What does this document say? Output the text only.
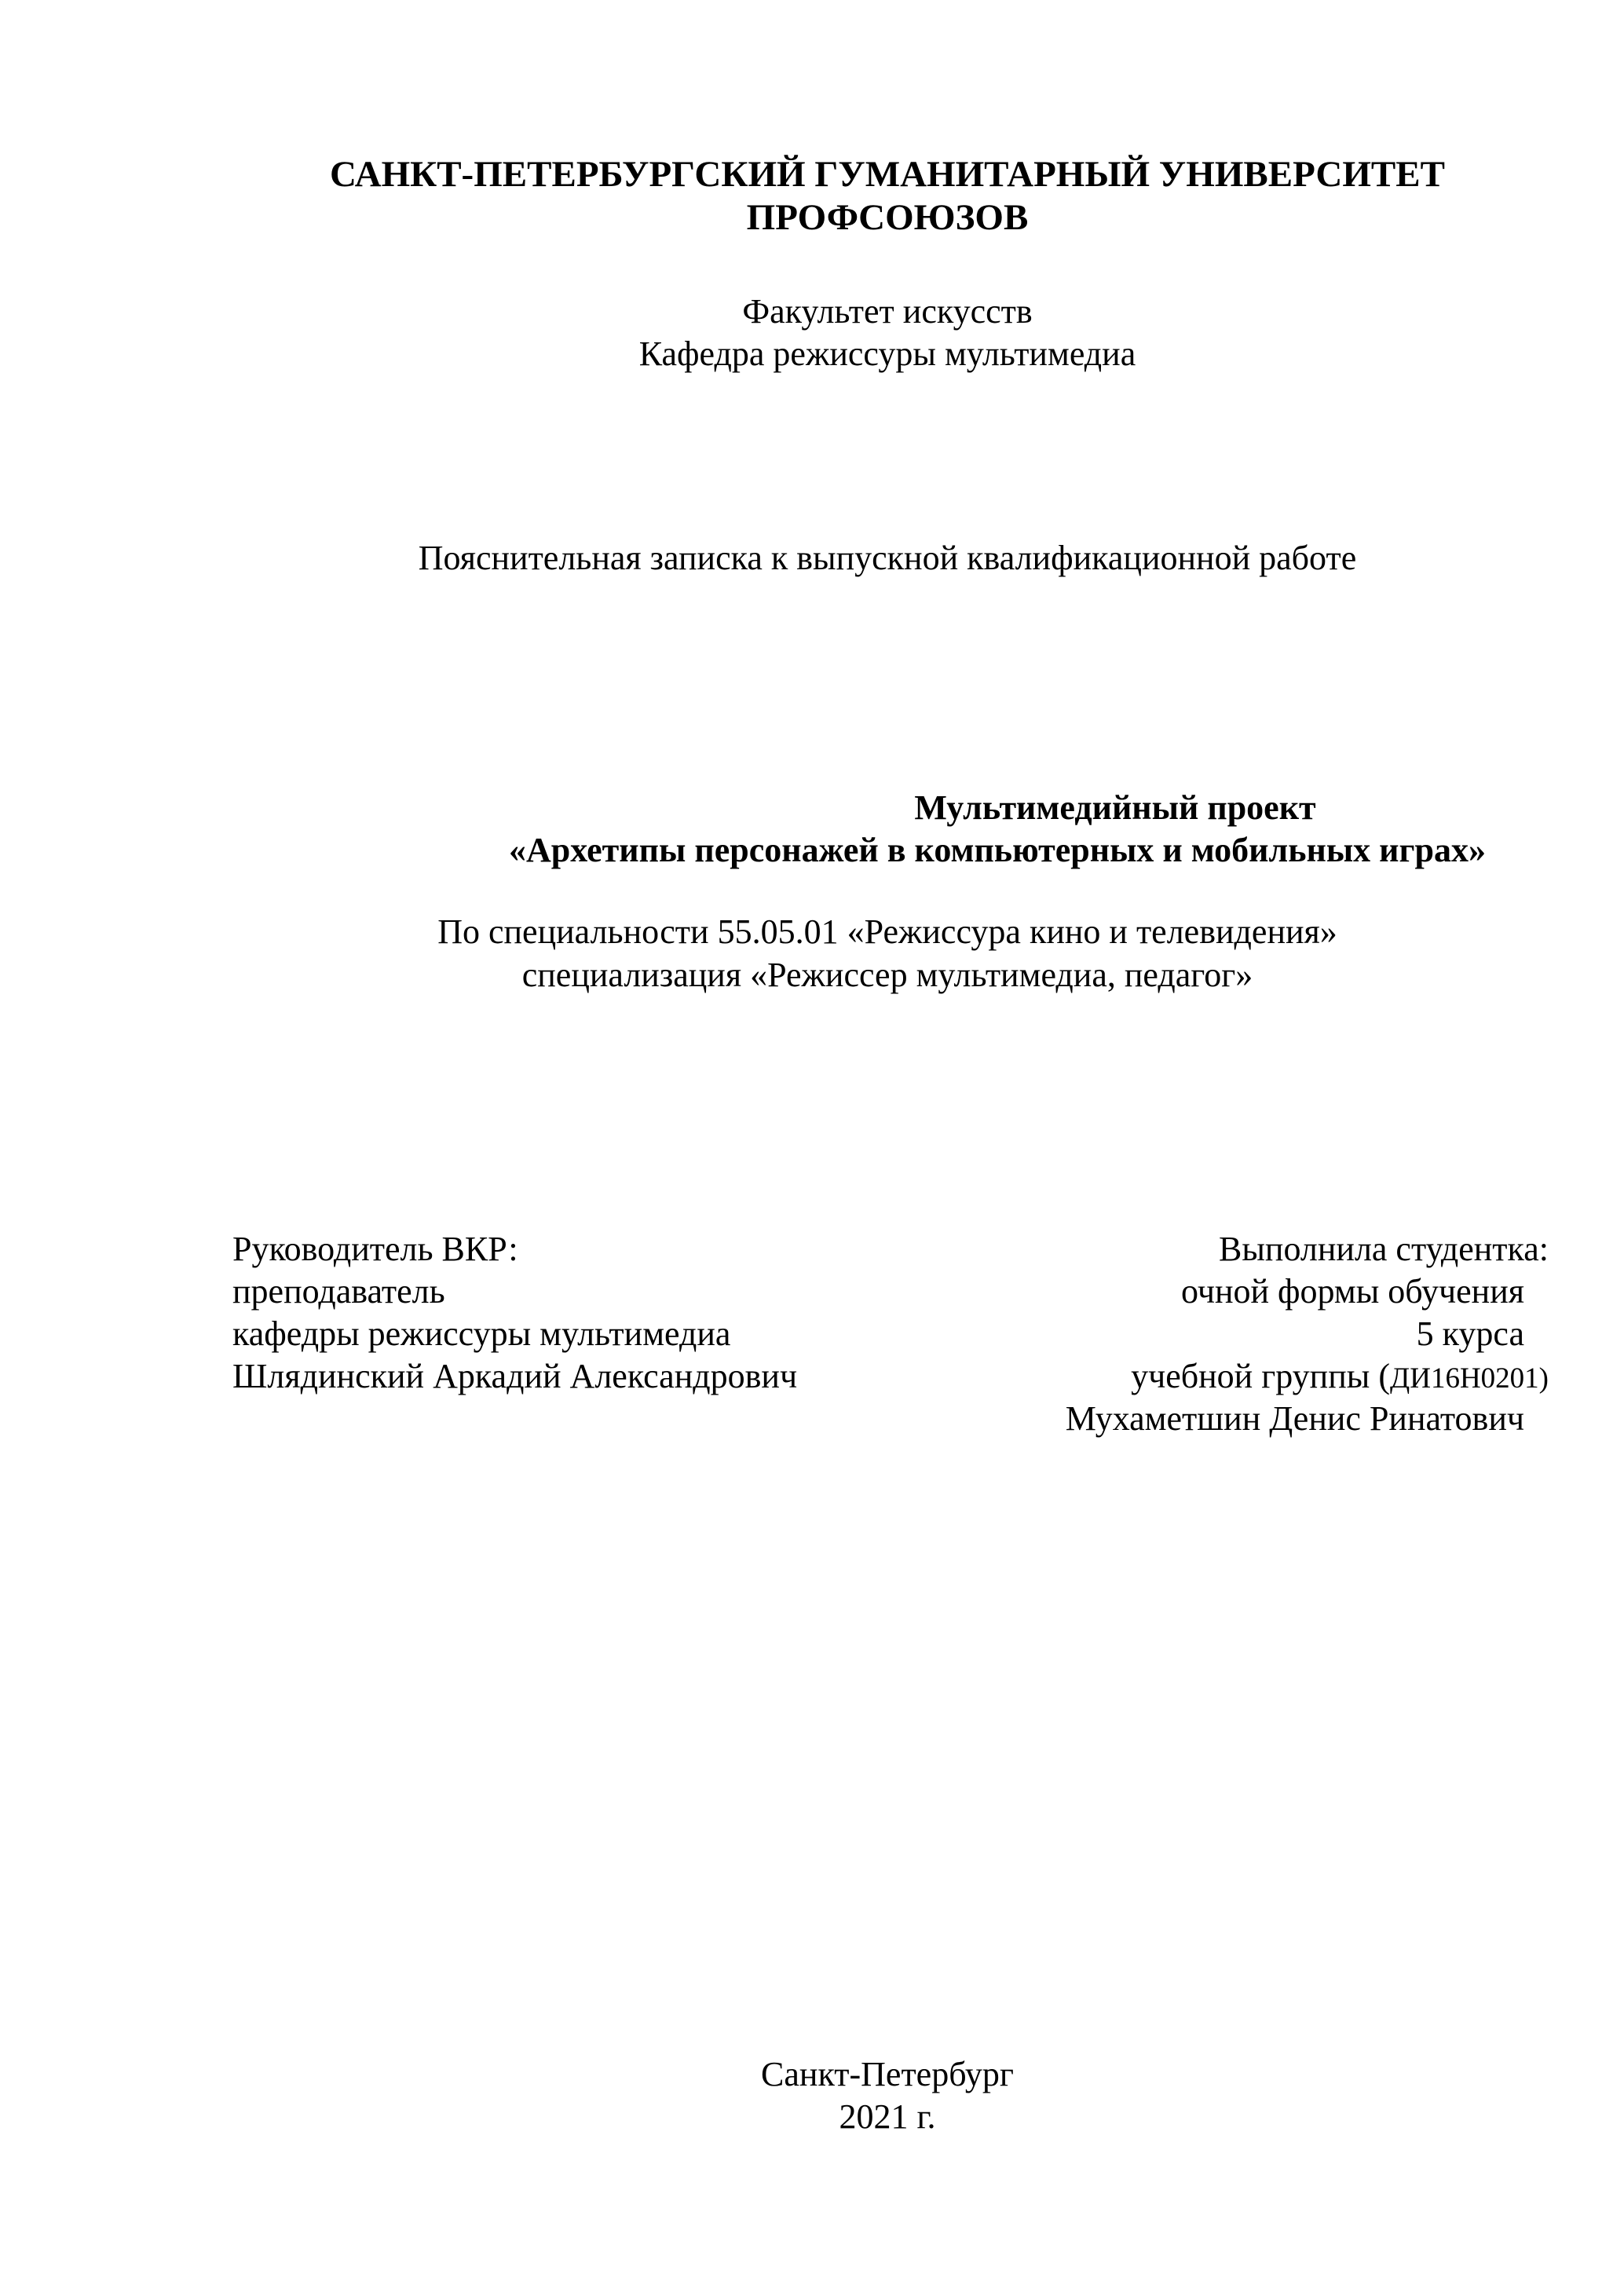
САНКТ-ПЕТЕРБУРГСКИЙ ГУМАНИТАРНЫЙ УНИВЕРСИТЕТ
ПРОФСОЮЗОВ
Факультет искусств
Кафедра режиссуры мультимедиа
Пояснительная записка к выпускной квалификационной работе
Мультимедийный проект
«Архетипы персонажей в компьютерных и мобильных играх»
По специальности 55.05.01 «Режиссура кино и телевидения»
специализация «Режиссер мультимедиа, педагог»
Руководитель ВКР:
преподаватель
кафедры режиссуры мультимедиа
Шлядинский Аркадий Александрович
Выполнила студентка:
очной формы обучения
5 курса
учебной группы (ДИ16Н0201)
Мухаметшин Денис Ринатович
Санкт-Петербург
2021 г.
